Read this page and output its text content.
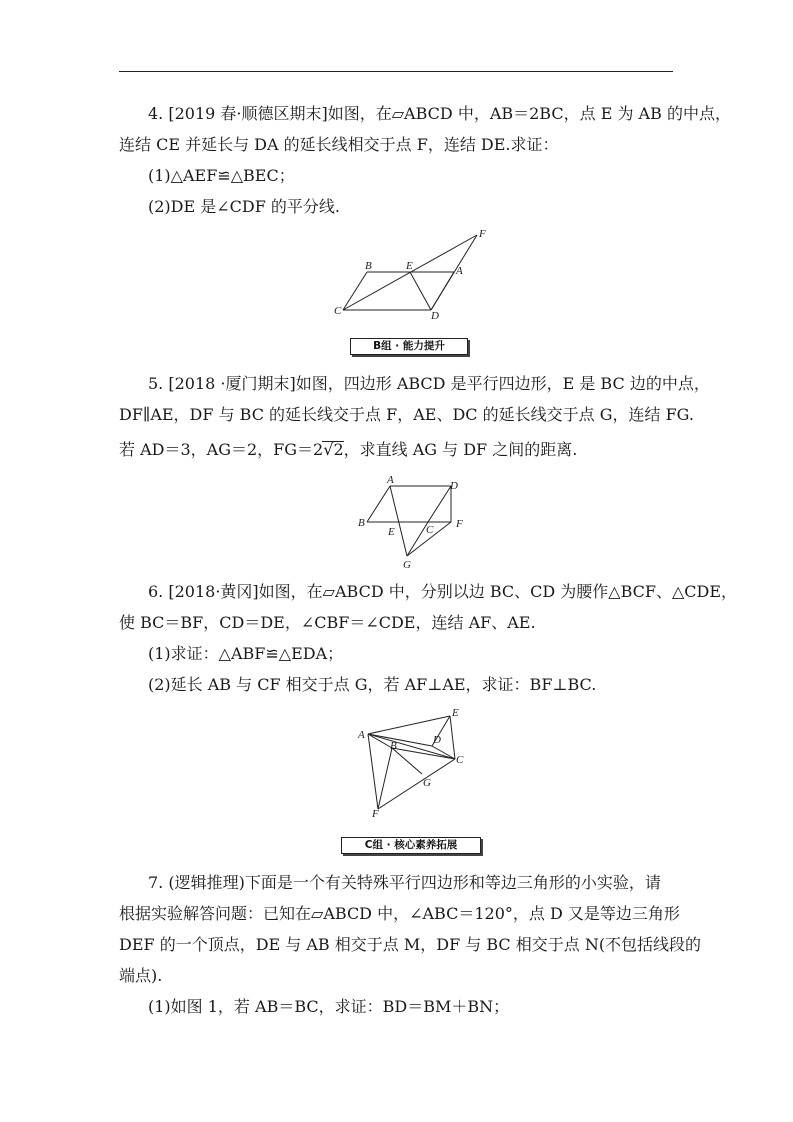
4. [2019 春·顺德区期末]如图，在▱ABCD 中，AB＝2BC，点 E 为 AB 的中点，
连结 CE 并延长与 DA 的延长线相交于点 F，连结 DE.求证：
(1)△AEF≌△BEC；
(2)DE 是∠CDF 的平分线.
B	E	A
F
C	D
B组 · 能力提升
5. [2018 ·厦门期末]如图，四边形 ABCD 是平行四边形，E 是 BC 边的中点，
DF∥AE，DF 与 BC 的延长线交于点 F，AE、DC 的延长线交于点 G，连结 FG.
若 AD＝3，AG＝2，FG＝2√2，求直线 AG 与 DF 之间的距离.
A	D
B
E	C F
G
6. [2018·黄冈]如图，在▱ABCD 中，分别以边 BC、CD 为腰作△BCF、△CDE，
使 BC＝BF，CD＝DE，∠CBF＝∠CDE，连结 AF、AE.
(1)求证：△ABF≌△EDA；
(2)延长 AB 与 CF 相交于点 G，若 AF⊥AE，求证：BF⊥BC.
E
A	D
B
C
G
F
C组 · 核心素养拓展
7. (逻辑推理)下面是一个有关特殊平行四边形和等边三角形的小实验，请
根据实验解答问题：已知在▱ABCD 中，∠ABC＝120°，点 D 又是等边三角形
DEF 的一个顶点，DE 与 AB 相交于点 M，DF 与 BC 相交于点 N(不包括线段的
端点).
(1)如图 1，若 AB＝BC，求证：BD＝BM＋BN；
